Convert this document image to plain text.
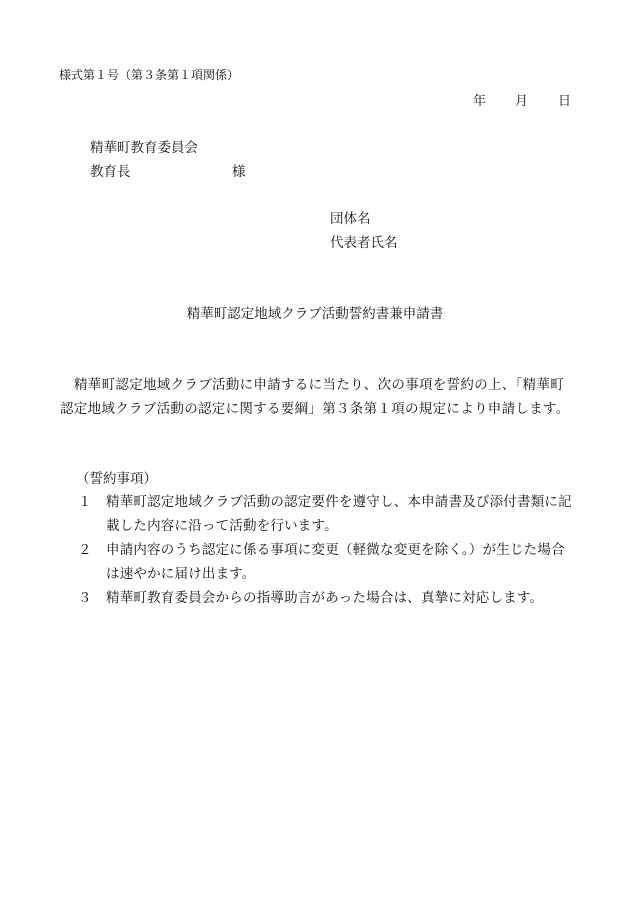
様式第１号（第３条第１項関係）
年 月 日
精華町教育委員会
教育長	様
団体名
代表者氏名
精華町認定地域クラブ活動誓約書兼申請書
精華町認定地域クラブ活動に申請するに当たり、次の事項を誓約の上、「精華町認定地域クラブ活動の認定に関する要綱」第３条第１項の規定により申請します。
（誓約事項）
１ 精華町認定地域クラブ活動の認定要件を遵守し、本申請書及び添付書類に記載した内容に沿って活動を行います。
２ 申請内容のうち認定に係る事項に変更（軽微な変更を除く。）が生じた場合は速やかに届け出ます。
３ 精華町教育委員会からの指導助言があった場合は、真摯に対応します。
